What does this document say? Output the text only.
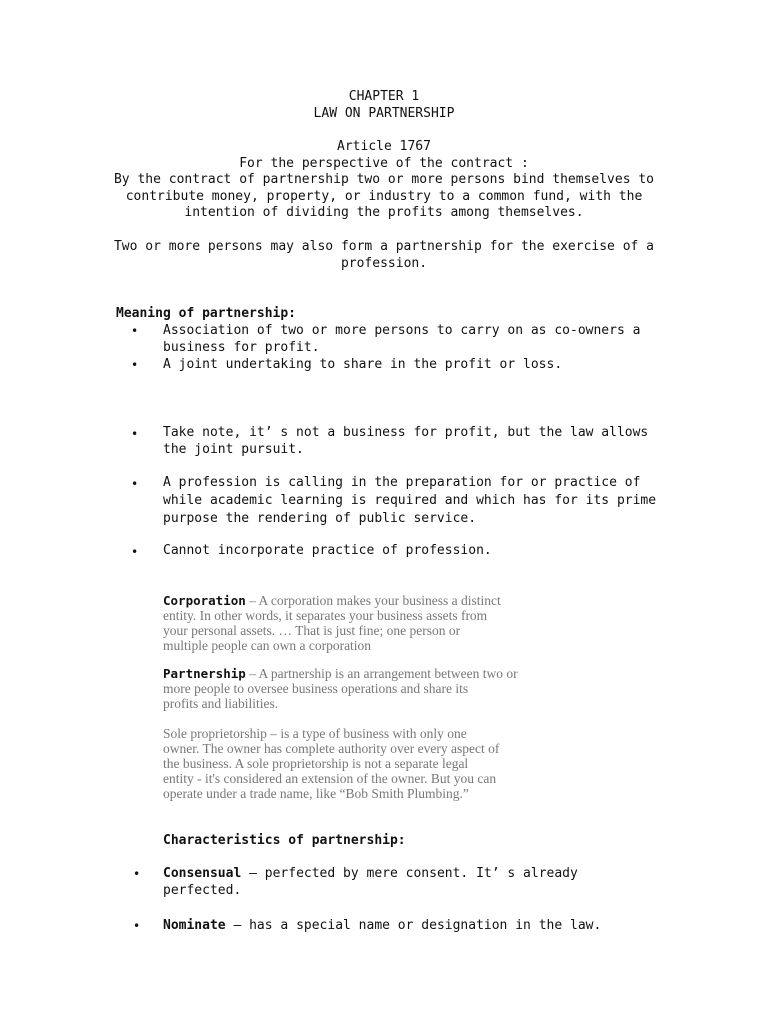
CHAPTER 1
LAW ON PARTNERSHIP
Article 1767
For the perspective of the contract :
By the contract of partnership two or more persons bind themselves to
contribute money, property, or industry to a common fund, with the
intention of dividing the profits among themselves.
Two or more persons may also form a partnership for the exercise of a
profession.
Meaning of partnership:
• Association of two or more persons to carry on as co-owners a
business for profit.
• A joint undertaking to share in the profit or loss.
• Take note, it’ s not a business for profit, but the law allows
the joint pursuit.
• A profession is calling in the preparation for or practice of
while academic learning is required and which has for its prime
purpose the rendering of public service.
• Cannot incorporate practice of profession.
Corporation – A corporation makes your business a distinct
entity. In other words, it separates your business assets from
your personal assets. … That is just fine; one person or
multiple people can own a corporation
Partnership – A partnership is an arrangement between two or
more people to oversee business operations and share its
profits and liabilities.
Sole proprietorship – is a type of business with only one
owner. The owner has complete authority over every aspect of
the business. A sole proprietorship is not a separate legal
entity - it's considered an extension of the owner. But you can
operate under a trade name, like “Bob Smith Plumbing.”
Characteristics of partnership:
• Consensual – perfected by mere consent. It’ s already
perfected.
• Nominate – has a special name or designation in the law.
